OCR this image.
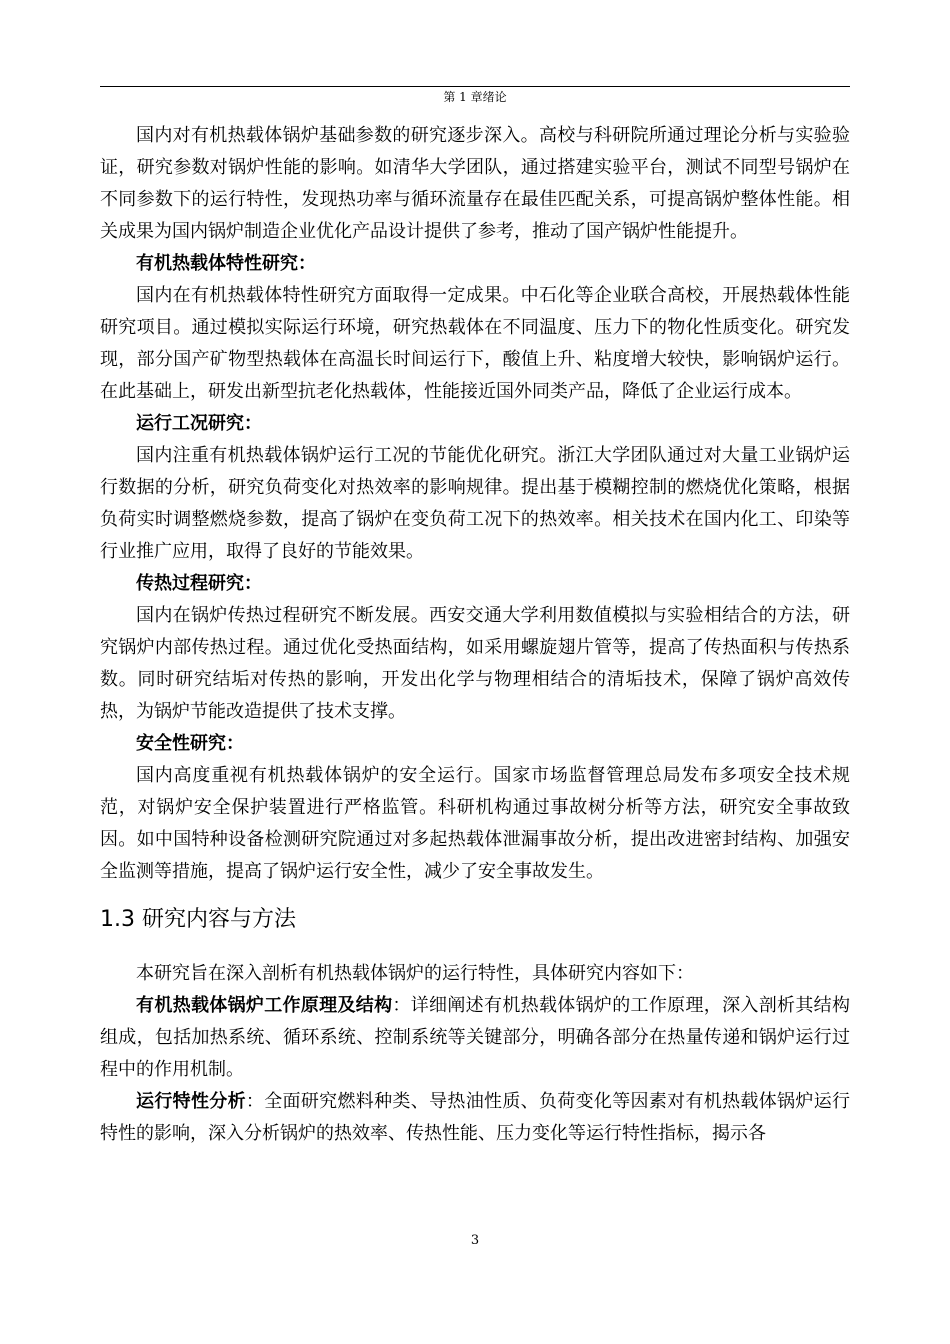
第 1 章绪论

国内对有机热载体锅炉基础参数的研究逐步深入。高校与科研院所通过理论分析与实验验证，研究参数对锅炉性能的影响。如清华大学团队，通过搭建实验平台，测试不同型号锅炉在不同参数下的运行特性，发现热功率与循环流量存在最佳匹配关系，可提高锅炉整体性能。相关成果为国内锅炉制造企业优化产品设计提供了参考，推动了国产锅炉性能提升。

有机热载体特性研究：

国内在有机热载体特性研究方面取得一定成果。中石化等企业联合高校，开展热载体性能研究项目。通过模拟实际运行环境，研究热载体在不同温度、压力下的物化性质变化。研究发现，部分国产矿物型热载体在高温长时间运行下，酸值上升、粘度增大较快，影响锅炉运行。在此基础上，研发出新型抗老化热载体，性能接近国外同类产品，降低了企业运行成本。

运行工况研究：

国内注重有机热载体锅炉运行工况的节能优化研究。浙江大学团队通过对大量工业锅炉运行数据的分析，研究负荷变化对热效率的影响规律。提出基于模糊控制的燃烧优化策略，根据负荷实时调整燃烧参数，提高了锅炉在变负荷工况下的热效率。相关技术在国内化工、印染等行业推广应用，取得了良好的节能效果。

传热过程研究：

国内在锅炉传热过程研究不断发展。西安交通大学利用数值模拟与实验相结合的方法，研究锅炉内部传热过程。通过优化受热面结构，如采用螺旋翅片管等，提高了传热面积与传热系数。同时研究结垢对传热的影响，开发出化学与物理相结合的清垢技术，保障了锅炉高效传热，为锅炉节能改造提供了技术支撑。

安全性研究：

国内高度重视有机热载体锅炉的安全运行。国家市场监督管理总局发布多项安全技术规范，对锅炉安全保护装置进行严格监管。科研机构通过事故树分析等方法，研究安全事故致因。如中国特种设备检测研究院通过对多起热载体泄漏事故分析，提出改进密封结构、加强安全监测等措施，提高了锅炉运行安全性，减少了安全事故发生。

1.3 研究内容与方法

本研究旨在深入剖析有机热载体锅炉的运行特性，具体研究内容如下：

有机热载体锅炉工作原理及结构：详细阐述有机热载体锅炉的工作原理，深入剖析其结构组成，包括加热系统、循环系统、控制系统等关键部分，明确各部分在热量传递和锅炉运行过程中的作用机制。

运行特性分析：全面研究燃料种类、导热油性质、负荷变化等因素对有机热载体锅炉运行特性的影响，深入分析锅炉的热效率、传热性能、压力变化等运行特性指标，揭示各

3
